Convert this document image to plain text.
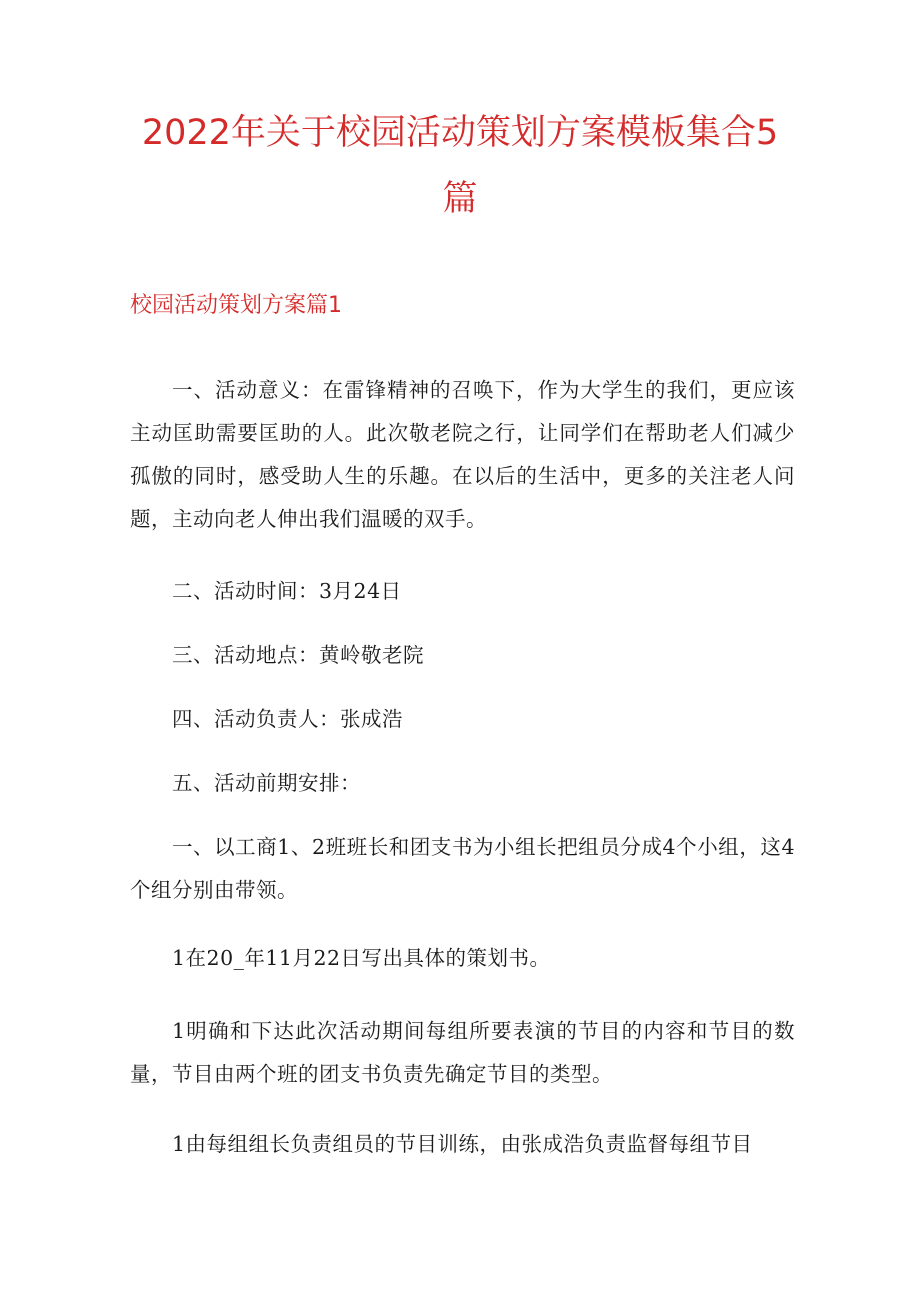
2022年关于校园活动策划方案模板集合5
篇
校园活动策划方案篇1

一、活动意义：在雷锋精神的召唤下，作为大学生的我们，更应该主动匡助需要匡助的人。此次敬老院之行，让同学们在帮助老人们减少孤傲的同时，感受助人生的乐趣。在以后的生活中，更多的关注老人问题，主动向老人伸出我们温暖的双手。

二、活动时间：3月24日

三、活动地点：黄岭敬老院

四、活动负责人：张成浩

五、活动前期安排：

一、以工商1、2班班长和团支书为小组长把组员分成4个小组，这4个组分别由带领。

1在20_年11月22日写出具体的策划书。

1明确和下达此次活动期间每组所要表演的节目的内容和节目的数量，节目由两个班的团支书负责先确定节目的类型。

1由每组组长负责组员的节目训练，由张成浩负责监督每组节目
